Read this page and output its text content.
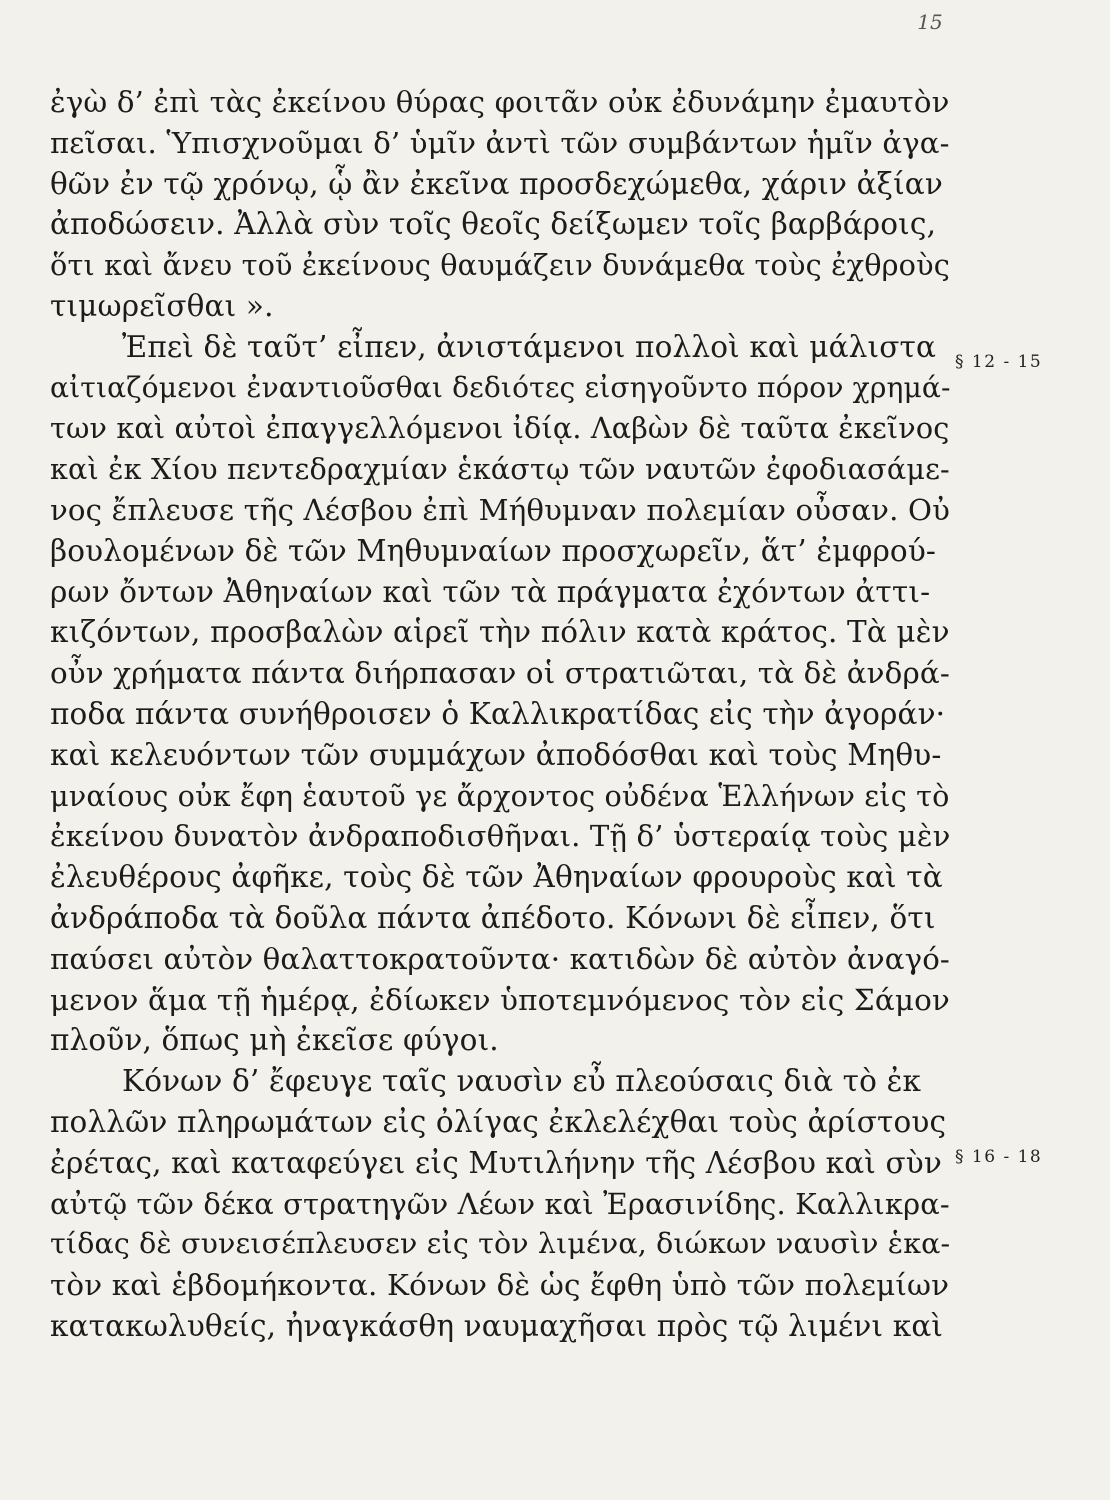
15
ἐγὼ δ’ ἐπὶ τὰς ἐκείνου θύρας φοιτᾶν οὐκ ἐδυνάμην ἐμαυτὸν
πεῖσαι. Ὑπισχνοῦμαι δ’ ὑμῖν ἀντὶ τῶν συμβάντων ἡμῖν ἀγα-
θῶν ἐν τῷ χρόνῳ, ᾧ ἂν ἐκεῖνα προσδεχώμεθα, χάριν ἀξίαν
ἀποδώσειν. Ἀλλὰ σὺν τοῖς θεοῖς δείξωμεν τοῖς βαρβάροις,
ὅτι καὶ ἄνευ τοῦ ἐκείνους θαυμάζειν δυνάμεθα τοὺς ἐχθροὺς
τιμωρεῖσθαι ».
Ἐπεὶ δὲ ταῦτ’ εἶπεν, ἀνιστάμενοι πολλοὶ καὶ μάλιστα
αἰτιαζόμενοι ἐναντιοῦσθαι δεδιότες εἰσηγοῦντο πόρον χρημά-
των καὶ αὐτοὶ ἐπαγγελλόμενοι ἰδίᾳ. Λαβὼν δὲ ταῦτα ἐκεῖνος
καὶ ἐκ Χίου πεντεδραχμίαν ἑκάστῳ τῶν ναυτῶν ἐφοδιασάμε-
νος ἔπλευσε τῆς Λέσβου ἐπὶ Μήθυμναν πολεμίαν οὖσαν. Οὐ
βουλομένων δὲ τῶν Μηθυμναίων προσχωρεῖν, ἅτ’ ἐμφρού-
ρων ὄντων Ἀθηναίων καὶ τῶν τὰ πράγματα ἐχόντων ἀττι-
κιζόντων, προσβαλὼν αἱρεῖ τὴν πόλιν κατὰ κράτος. Τὰ μὲν
οὖν χρήματα πάντα διήρπασαν οἱ στρατιῶται, τὰ δὲ ἀνδρά-
ποδα πάντα συνήθροισεν ὁ Καλλικρατίδας εἰς τὴν ἀγοράν·
καὶ κελευόντων τῶν συμμάχων ἀποδόσθαι καὶ τοὺς Μηθυ-
μναίους οὐκ ἔφη ἑαυτοῦ γε ἄρχοντος οὐδένα Ἑλλήνων εἰς τὸ
ἐκείνου δυνατὸν ἀνδραποδισθῆναι. Τῇ δ’ ὑστεραίᾳ τοὺς μὲν
ἐλευθέρους ἀφῆκε, τοὺς δὲ τῶν Ἀθηναίων φρουροὺς καὶ τὰ
ἀνδράποδα τὰ δοῦλα πάντα ἀπέδοτο. Κόνωνι δὲ εἶπεν, ὅτι
παύσει αὐτὸν θαλαττοκρατοῦντα· κατιδὼν δὲ αὐτὸν ἀναγό-
μενον ἅμα τῇ ἡμέρᾳ, ἐδίωκεν ὑποτεμνόμενος τὸν εἰς Σάμον
πλοῦν, ὅπως μὴ ἐκεῖσε φύγοι.
Κόνων δ’ ἔφευγε ταῖς ναυσὶν εὖ πλεούσαις διὰ τὸ ἐκ
πολλῶν πληρωμάτων εἰς ὀλίγας ἐκλελέχθαι τοὺς ἀρίστους
ἐρέτας, καὶ καταφεύγει εἰς Μυτιλήνην τῆς Λέσβου καὶ σὺν
αὐτῷ τῶν δέκα στρατηγῶν Λέων καὶ Ἐρασινίδης. Καλλικρα-
τίδας δὲ συνεισέπλευσεν εἰς τὸν λιμένα, διώκων ναυσὶν ἑκα-
τὸν καὶ ἑβδομήκοντα. Κόνων δὲ ὡς ἔφθη ὑπὸ τῶν πολεμίων
κατακωλυθείς, ἠναγκάσθη ναυμαχῆσαι πρὸς τῷ λιμένι καὶ
§ 12 - 15
§ 16 - 18
